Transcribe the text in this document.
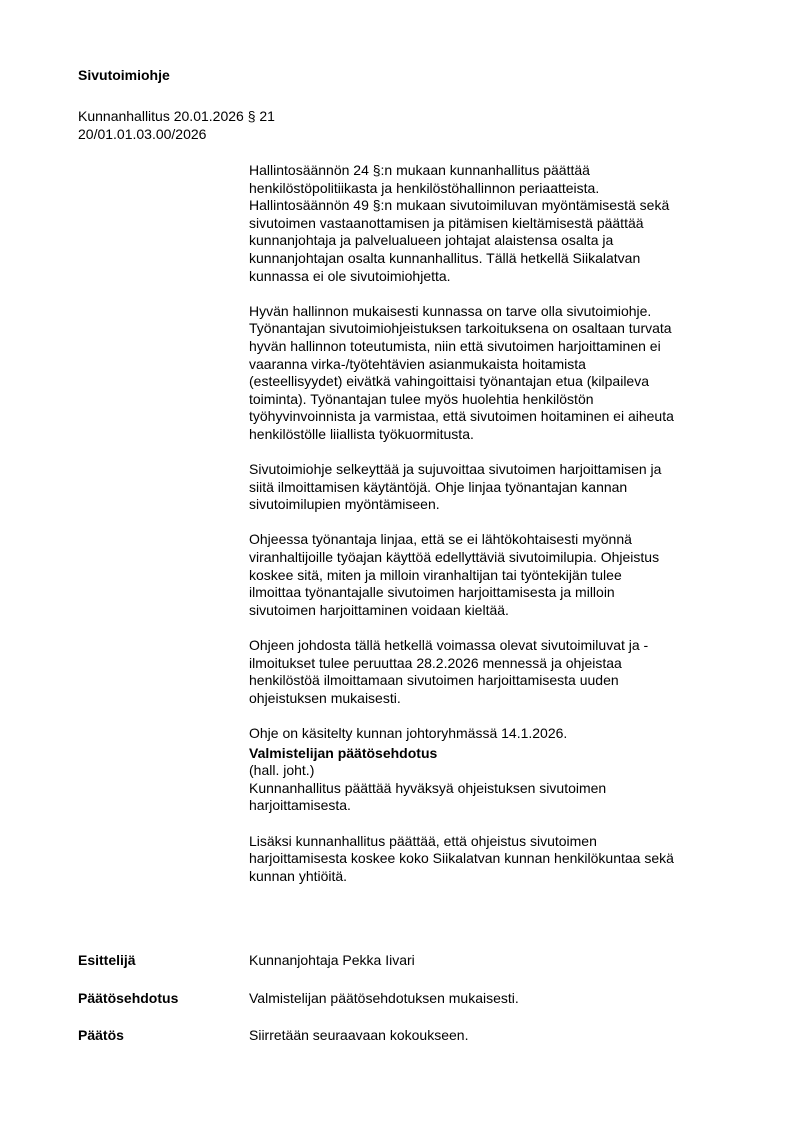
Sivutoimiohje
Kunnanhallitus 20.01.2026 § 21
20/01.01.03.00/2026
Hallintosäännön 24 §:n mukaan kunnanhallitus päättää
henkilöstöpolitiikasta ja henkilöstöhallinnon periaatteista.
Hallintosäännön 49 §:n mukaan sivutoimiluvan myöntämisestä sekä
sivutoimen vastaanottamisen ja pitämisen kieltämisestä päättää
kunnanjohtaja ja palvelualueen johtajat alaistensa osalta ja
kunnanjohtajan osalta kunnanhallitus. Tällä hetkellä Siikalatvan
kunnassa ei ole sivutoimiohjetta.
Hyvän hallinnon mukaisesti kunnassa on tarve olla sivutoimiohje.
Työnantajan sivutoimiohjeistuksen tarkoituksena on osaltaan turvata
hyvän hallinnon toteutumista, niin että sivutoimen harjoittaminen ei
vaaranna virka-/työtehtävien asianmukaista hoitamista
(esteellisyydet) eivätkä vahingoittaisi työnantajan etua (kilpaileva
toiminta). Työnantajan tulee myös huolehtia henkilöstön
työhyvinvoinnista ja varmistaa, että sivutoimen hoitaminen ei aiheuta
henkilöstölle liiallista työkuormitusta.
Sivutoimiohje selkeyttää ja sujuvoittaa sivutoimen harjoittamisen ja
siitä ilmoittamisen käytäntöjä. Ohje linjaa työnantajan kannan
sivutoimilupien myöntämiseen.
Ohjeessa työnantaja linjaa, että se ei lähtökohtaisesti myönnä
viranhaltijoille työajan käyttöä edellyttäviä sivutoimilupia. Ohjeistus
koskee sitä, miten ja milloin viranhaltijan tai työntekijän tulee
ilmoittaa työnantajalle sivutoimen harjoittamisesta ja milloin
sivutoimen harjoittaminen voidaan kieltää.
Ohjeen johdosta tällä hetkellä voimassa olevat sivutoimiluvat ja -
ilmoitukset tulee peruuttaa 28.2.2026 mennessä ja ohjeistaa
henkilöstöä ilmoittamaan sivutoimen harjoittamisesta uuden
ohjeistuksen mukaisesti.
Ohje on käsitelty kunnan johtoryhmässä 14.1.2026.
Valmistelijan päätösehdotus
(hall. joht.)
Kunnanhallitus päättää hyväksyä ohjeistuksen sivutoimen
harjoittamisesta.
Lisäksi kunnanhallitus päättää, että ohjeistus sivutoimen
harjoittamisesta koskee koko Siikalatvan kunnan henkilökuntaa sekä
kunnan yhtiöitä.
Esittelijä	Kunnanjohtaja Pekka Iivari
Päätösehdotus	Valmistelijan päätösehdotuksen mukaisesti.
Päätös	Siirretään seuraavaan kokoukseen.
